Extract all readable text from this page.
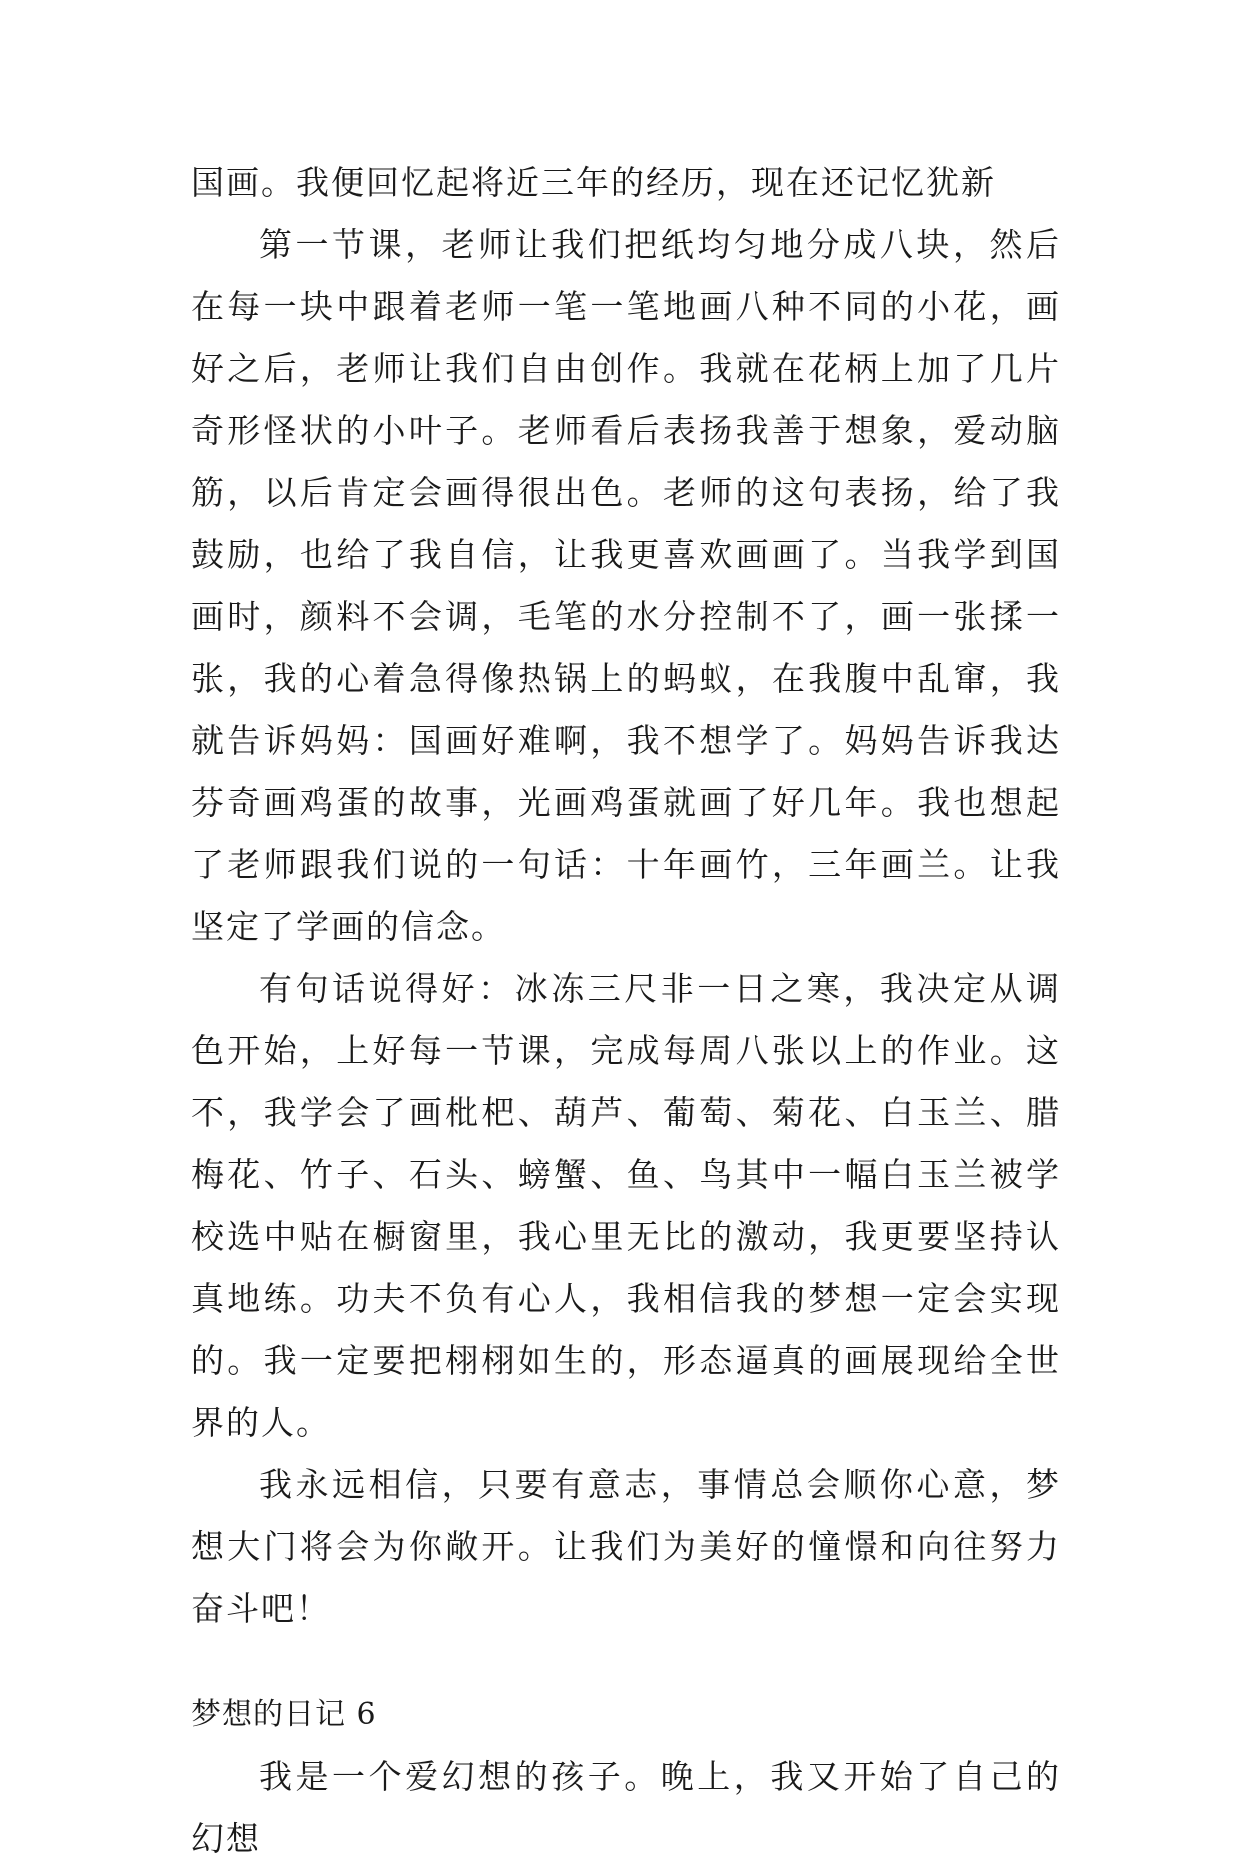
国画。我便回忆起将近三年的经历，现在还记忆犹新

第一节课，老师让我们把纸均匀地分成八块，然后在每一块中跟着老师一笔一笔地画八种不同的小花，画好之后，老师让我们自由创作。我就在花柄上加了几片奇形怪状的小叶子。老师看后表扬我善于想象，爱动脑筋，以后肯定会画得很出色。老师的这句表扬，给了我鼓励，也给了我自信，让我更喜欢画画了。当我学到国画时，颜料不会调，毛笔的水分控制不了，画一张揉一张，我的心着急得像热锅上的蚂蚁，在我腹中乱窜，我就告诉妈妈：国画好难啊，我不想学了。妈妈告诉我达芬奇画鸡蛋的故事，光画鸡蛋就画了好几年。我也想起了老师跟我们说的一句话：十年画竹，三年画兰。让我坚定了学画的信念。

有句话说得好：冰冻三尺非一日之寒，我决定从调色开始，上好每一节课，完成每周八张以上的作业。这不，我学会了画枇杷、葫芦、葡萄、菊花、白玉兰、腊梅花、竹子、石头、螃蟹、鱼、鸟其中一幅白玉兰被学校选中贴在橱窗里，我心里无比的激动，我更要坚持认真地练。功夫不负有心人，我相信我的梦想一定会实现的。我一定要把栩栩如生的，形态逼真的画展现给全世界的人。

我永远相信，只要有意志，事情总会顺你心意，梦想大门将会为你敞开。让我们为美好的憧憬和向往努力奋斗吧！

梦想的日记 6

我是一个爱幻想的孩子。晚上，我又开始了自己的幻想
